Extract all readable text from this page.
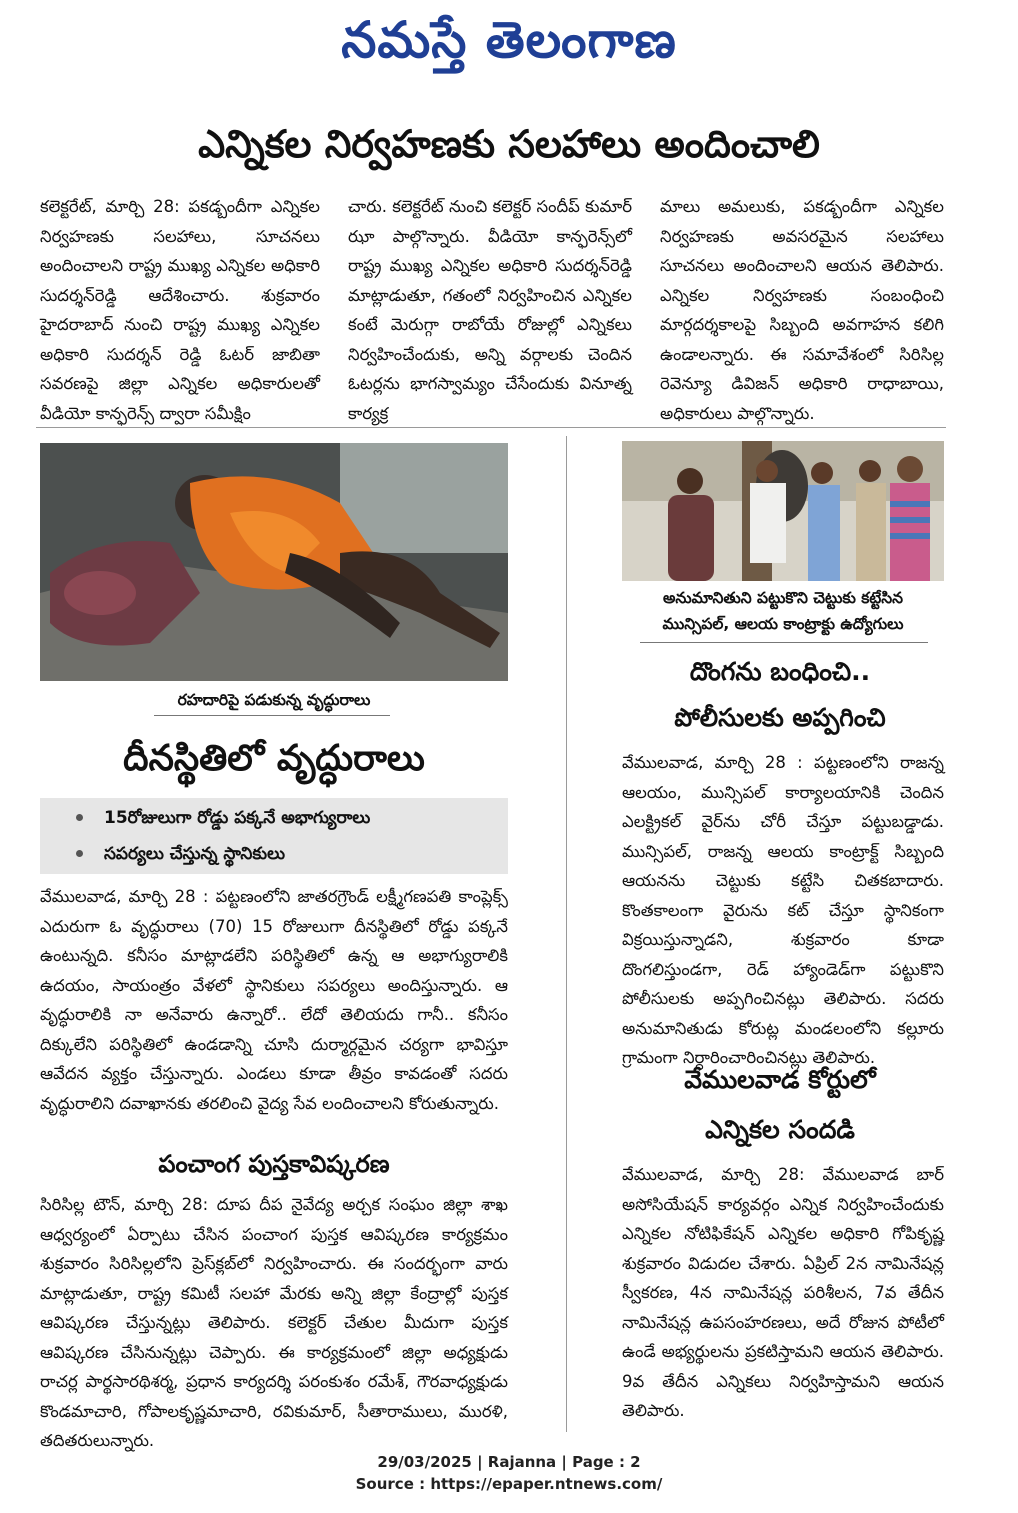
నమస్తే తెలంగాణ
ఎన్నికల నిర్వహణకు సలహాలు అందించాలి

కలెక్టరేట్, మార్చి 28: పకడ్బందీగా ఎన్నికల నిర్వహణకు సలహాలు, సూచనలు అందించాలని రాష్ట్ర ముఖ్య ఎన్నికల అధికారి సుదర్శన్‌రెడ్డి ఆదేశించారు. శుక్రవారం హైదరాబాద్ నుంచి రాష్ట్ర ముఖ్య ఎన్నికల అధికారి సుదర్శన్ రెడ్డి ఓటర్ జాబితా సవరణపై జిల్లా ఎన్నికల అధికారులతో వీడియో కాన్ఫరెన్స్ ద్వారా సమీక్షిం

చారు. కలెక్టరేట్ నుంచి కలెక్టర్ సందీప్ కుమార్ ఝా పాల్గొన్నారు. వీడియో కాన్ఫరెన్స్‌లో రాష్ట్ర ముఖ్య ఎన్నికల అధికారి సుదర్శన్‌రెడ్డి మాట్లాడుతూ, గతంలో నిర్వహించిన ఎన్నికల కంటే మెరుగ్గా రాబోయే రోజుల్లో ఎన్నికలు నిర్వహించేందుకు, అన్ని వర్గాలకు చెందిన ఓటర్లను భాగస్వామ్యం చేసేందుకు వినూత్న కార్యక్ర

మాలు అమలుకు, పకడ్బందీగా ఎన్నికల నిర్వహణకు అవసరమైన సలహాలు సూచనలు అందించాలని ఆయన తెలిపారు. ఎన్నికల నిర్వహణకు సంబంధించి మార్గదర్శకాలపై సిబ్బంది అవగాహన కలిగి ఉండాలన్నారు. ఈ సమావేశంలో సిరిసిల్ల రెవెన్యూ డివిజన్ అధికారి రాధాబాయి, అధికారులు పాల్గొన్నారు.

రహదారిపై పడుకున్న వృద్ధురాలు
దీనస్థితిలో వృద్ధురాలు
15రోజులుగా రోడ్డు పక్కనే అభాగ్యురాలు
సపర్యలు చేస్తున్న స్థానికులు

వేములవాడ, మార్చి 28 : పట్టణంలోని జాతరగ్రౌండ్ లక్ష్మీగణపతి కాంప్లెక్స్ ఎదురుగా ఓ వృద్ధురాలు (70) 15 రోజులుగా దీనస్థితిలో రోడ్డు పక్కనే ఉంటున్నది. కనీసం మాట్లాడలేని పరిస్థితిలో ఉన్న ఆ అభాగ్యురాలికి ఉదయం, సాయంత్రం వేళలో స్థానికులు సపర్యలు అందిస్తున్నారు. ఆ వృద్ధురాలికి నా అనేవారు ఉన్నారో.. లేదో తెలియదు గానీ.. కనీసం దిక్కులేని పరిస్థితిలో ఉండడాన్ని చూసి దుర్మార్గమైన చర్యగా భావిస్తూ ఆవేదన వ్యక్తం చేస్తున్నారు. ఎండలు కూడా తీవ్రం కావడంతో సదరు వృద్ధురాలిని దవాఖానకు తరలించి వైద్య సేవ లందించాలని కోరుతున్నారు.

పంచాంగ పుస్తకావిష్కరణ

సిరిసిల్ల టౌన్, మార్చి 28: దూప దీప నైవేద్య అర్చక సంఘం జిల్లా శాఖ ఆధ్వర్యంలో ఏర్పాటు చేసిన పంచాంగ పుస్తక ఆవిష్కరణ కార్యక్రమం శుక్రవారం సిరిసిల్లలోని ప్రెస్‌క్లబ్‌లో నిర్వహించారు. ఈ సందర్భంగా వారు మాట్లాడుతూ, రాష్ట్ర కమిటీ సలహా మేరకు అన్ని జిల్లా కేంద్రాల్లో పుస్తక ఆవిష్కరణ చేస్తున్నట్లు తెలిపారు. కలెక్టర్ చేతుల మీదుగా పుస్తక ఆవిష్కరణ చేసినున్నట్లు చెప్పారు. ఈ కార్యక్రమంలో జిల్లా అధ్యక్షుడు రాచర్ల పార్థసారథిశర్మ, ప్రధాన కార్యదర్శి పరంకుశం రమేశ్, గౌరవాధ్యక్షుడు కొండమాచారి, గోపాలకృష్ణమాచారి, రవికుమార్, సీతారాములు, మురళి, తదితరులున్నారు.

అనుమానితుని పట్టుకొని చెట్టుకు కట్టేసిన
మున్సిపల్, ఆలయ కాంట్రాక్టు ఉద్యోగులు
దొంగను బంధించి..
పోలీసులకు అప్పగించి

వేములవాడ, మార్చి 28 : పట్టణంలోని రాజన్న ఆలయం, మున్సిపల్ కార్యాలయానికి చెందిన ఎలక్ట్రికల్ వైర్‌ను చోరీ చేస్తూ పట్టుబడ్డాడు. మున్సిపల్, రాజన్న ఆలయ కాంట్రాక్ట్ సిబ్బంది ఆయనను చెట్టుకు కట్టేసి చితకబాదారు. కొంతకాలంగా వైరును కట్ చేస్తూ స్థానికంగా విక్రయిస్తున్నాడని, శుక్రవారం కూడా దొంగలిస్తుండగా, రెడ్ హ్యాండెడ్‌గా పట్టుకొని పోలీసులకు అప్పగించినట్లు తెలిపారు. సదరు అనుమానితుడు కోరుట్ల మండలంలోని కల్లూరు గ్రామంగా నిర్ధారించారించినట్లు తెలిపారు.

వేములవాడ కోర్టులో
ఎన్నికల సందడి

వేములవాడ, మార్చి 28: వేములవాడ బార్ అసోసియేషన్ కార్యవర్గం ఎన్నిక నిర్వహించేందుకు ఎన్నికల నోటిఫికేషన్ ఎన్నికల అధికారి గోపికృష్ణ శుక్రవారం విడుదల చేశారు. ఏప్రిల్ 2న నామినేషన్ల స్వీకరణ, 4న నామినేషన్ల పరిశీలన, 7వ తేదీన నామినేషన్ల ఉపసంహరణలు, అదే రోజున పోటీలో ఉండే అభ్యర్థులను ప్రకటిస్తామని ఆయన తెలిపారు. 9వ తేదీన ఎన్నికలు నిర్వహిస్తామని ఆయన తెలిపారు.

29/03/2025 | Rajanna | Page : 2
Source : https://epaper.ntnews.com/
